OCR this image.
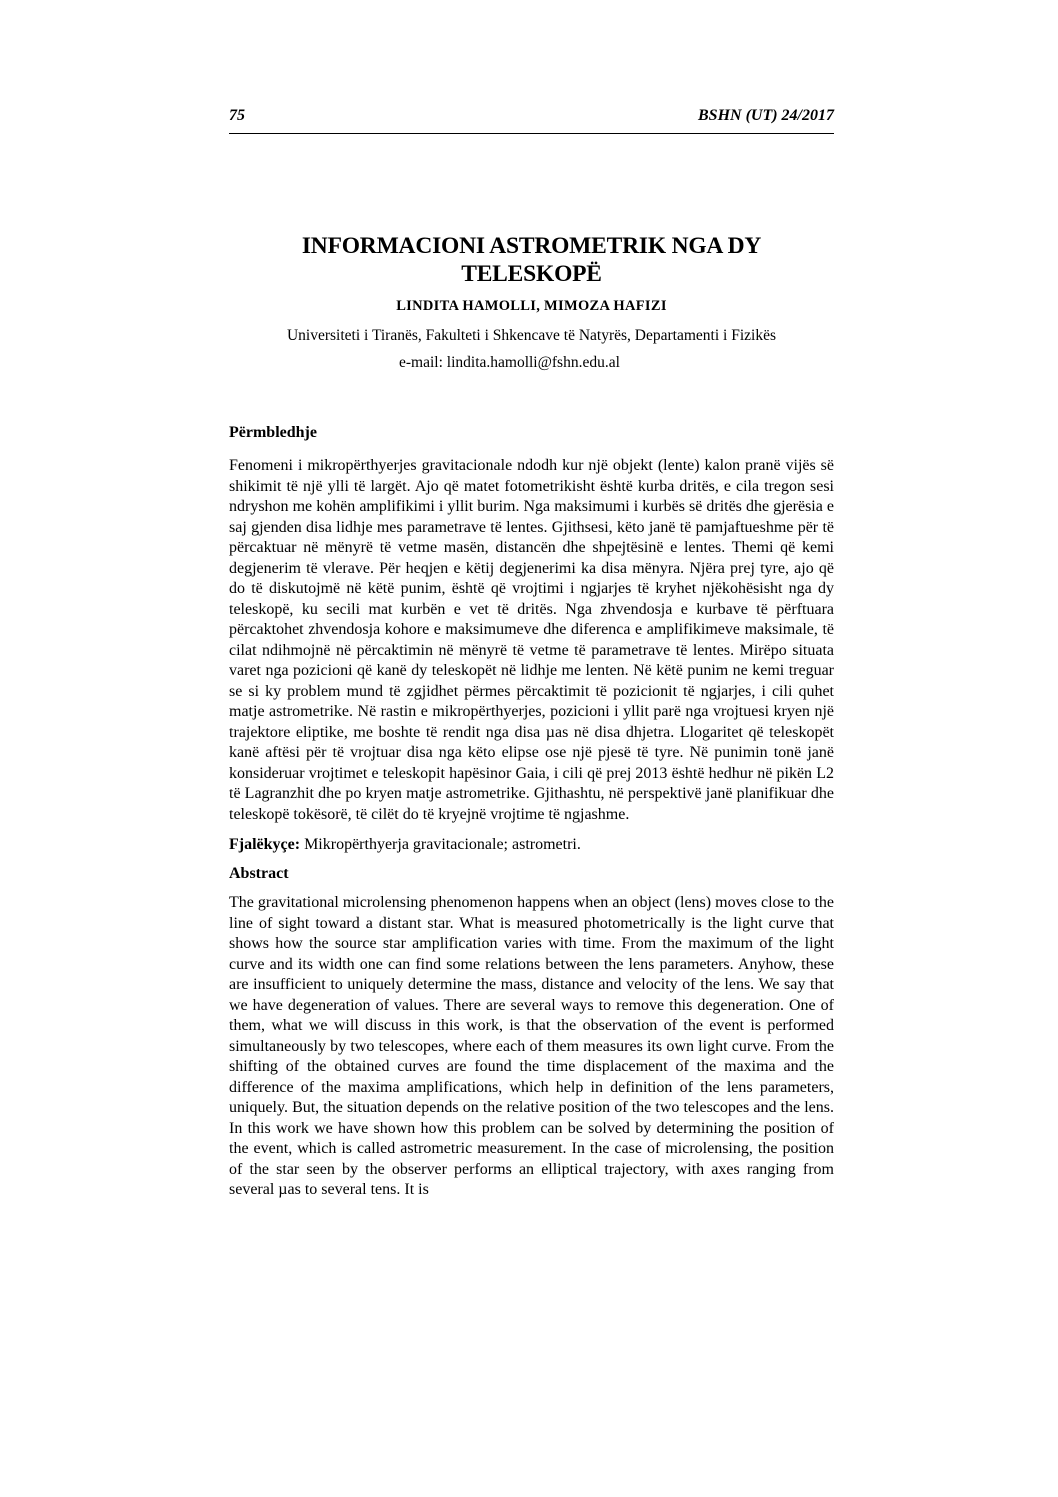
75	BSHN (UT) 24/2017
INFORMACIONI ASTROMETRIK NGA DY
TELESKOPË
LINDITA HAMOLLI, MIMOZA HAFIZI
Universiteti i Tiranës, Fakulteti i Shkencave të Natyrës, Departamenti i Fizikës
e-mail: lindita.hamolli@fshn.edu.al
Përmbledhje

Fenomeni i mikropërthyerjes gravitacionale ndodh kur një objekt (lente) kalon pranë vijës së shikimit të një ylli të largët. Ajo që matet fotometrikisht është kurba dritës, e cila tregon sesi ndryshon me kohën amplifikimi i yllit burim. Nga maksimumi i kurbës së dritës dhe gjerësia e saj gjenden disa lidhje mes parametrave të lentes. Gjithsesi, këto janë të pamjaftueshme për të përcaktuar në mënyrë të vetme masën, distancën dhe shpejtësinë e lentes. Themi që kemi degjenerim të vlerave. Për heqjen e këtij degjenerimi ka disa mënyra. Njëra prej tyre, ajo që do të diskutojmë në këtë punim, është që vrojtimi i ngjarjes të kryhet njëkohësisht nga dy teleskopë, ku secili mat kurbën e vet të dritës. Nga zhvendosja e kurbave të përftuara përcaktohet zhvendosja kohore e maksimumeve dhe diferenca e amplifikimeve maksimale, të cilat ndihmojnë në përcaktimin në mënyrë të vetme të parametrave të lentes. Mirëpo situata varet nga pozicioni që kanë dy teleskopët në lidhje me lenten. Në këtë punim ne kemi treguar se si ky problem mund të zgjidhet përmes përcaktimit të pozicionit të ngjarjes, i cili quhet matje astrometrike. Në rastin e mikropërthyerjes, pozicioni i yllit parë nga vrojtuesi kryen një trajektore eliptike, me boshte të rendit nga disa µas në disa dhjetra. Llogaritet që teleskopët kanë aftësi për të vrojtuar disa nga këto elipse ose një pjesë të tyre. Në punimin tonë janë konsideruar vrojtimet e teleskopit hapësinor Gaia, i cili që prej 2013 është hedhur në pikën L2 të Lagranzhit dhe po kryen matje astrometrike. Gjithashtu, në perspektivë janë planifikuar dhe teleskopë tokësorë, të cilët do të kryejnë vrojtime të ngjashme.

Fjalëkyçe: Mikropërthyerja gravitacionale; astrometri.
Abstract

The gravitational microlensing phenomenon happens when an object (lens) moves close to the line of sight toward a distant star. What is measured photometrically is the light curve that shows how the source star amplification varies with time. From the maximum of the light curve and its width one can find some relations between the lens parameters. Anyhow, these are insufficient to uniquely determine the mass, distance and velocity of the lens. We say that we have degeneration of values. There are several ways to remove this degeneration. One of them, what we will discuss in this work, is that the observation of the event is performed simultaneously by two telescopes, where each of them measures its own light curve. From the shifting of the obtained curves are found the time displacement of the maxima and the difference of the maxima amplifications, which help in definition of the lens parameters, uniquely. But, the situation depends on the relative position of the two telescopes and the lens. In this work we have shown how this problem can be solved by determining the position of the event, which is called astrometric measurement. In the case of microlensing, the position of the star seen by the observer performs an elliptical trajectory, with axes ranging from several µas to several tens. It is
